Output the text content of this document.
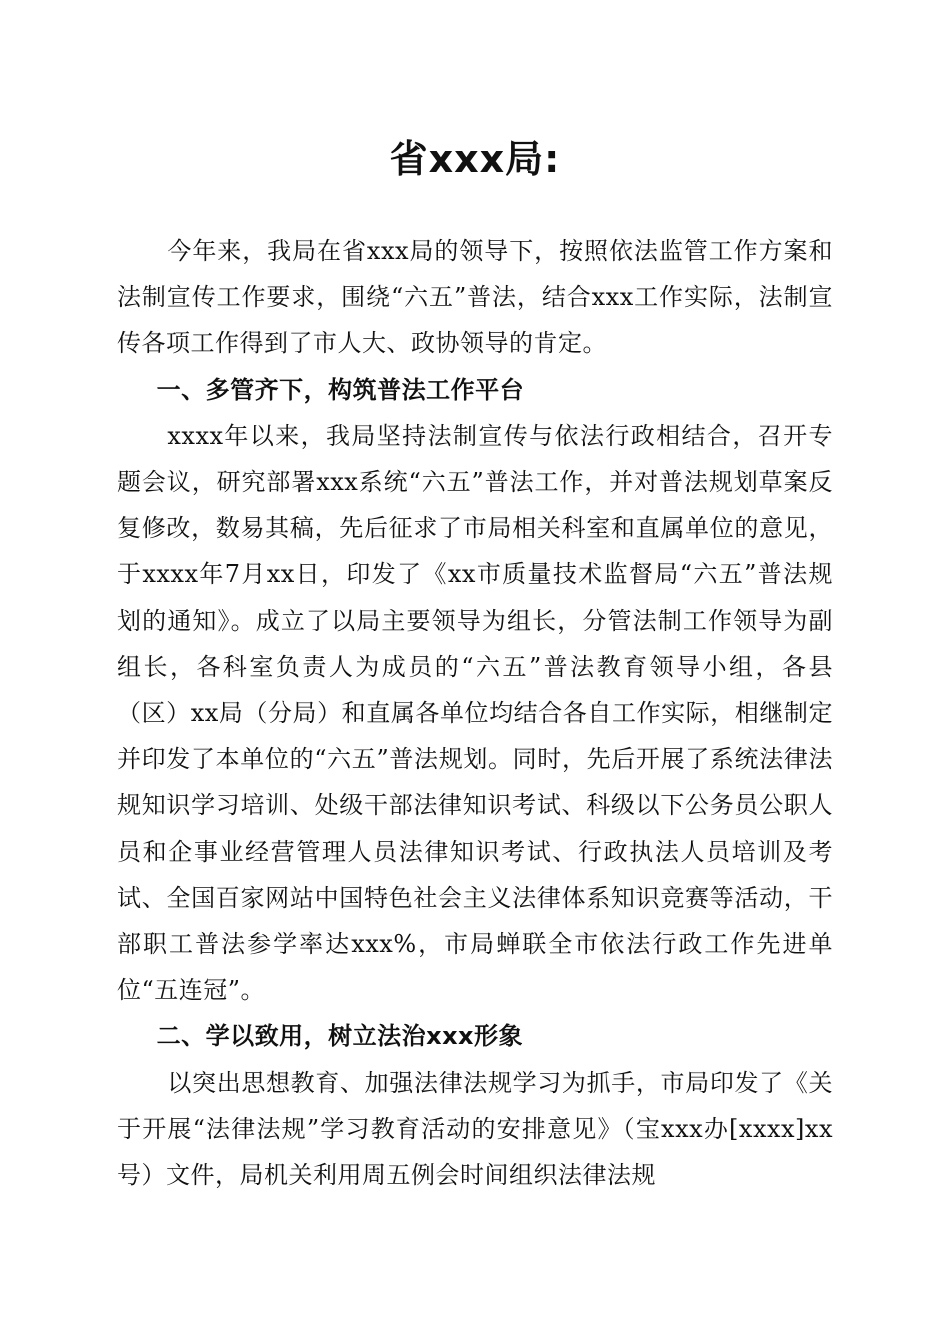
省xxx局:

今年来，我局在省xxx局的领导下，按照依法监管工作方案和法制宣传工作要求，围绕“六五”普法，结合xxx工作实际，法制宣传各项工作得到了市人大、政协领导的肯定。

一、多管齐下，构筑普法工作平台

xxxx年以来，我局坚持法制宣传与依法行政相结合，召开专题会议，研究部署xxx系统“六五”普法工作，并对普法规划草案反复修改，数易其稿，先后征求了市局相关科室和直属单位的意见，于xxxx年7月xx日，印发了《xx市质量技术监督局“六五”普法规划的通知》。成立了以局主要领导为组长，分管法制工作领导为副组长，各科室负责人为成员的“六五”普法教育领导小组，各县（区）xx局（分局）和直属各单位均结合各自工作实际，相继制定并印发了本单位的“六五”普法规划。同时，先后开展了系统法律法规知识学习培训、处级干部法律知识考试、科级以下公务员公职人员和企事业经营管理人员法律知识考试、行政执法人员培训及考试、全国百家网站中国特色社会主义法律体系知识竞赛等活动，干部职工普法参学率达xxx%，市局蝉联全市依法行政工作先进单位“五连冠”。

二、学以致用，树立法治xxx形象

以突出思想教育、加强法律法规学习为抓手，市局印发了《关于开展“法律法规”学习教育活动的安排意见》（宝xxx办[xxxx]xx号）文件，局机关利用周五例会时间组织法律法规
